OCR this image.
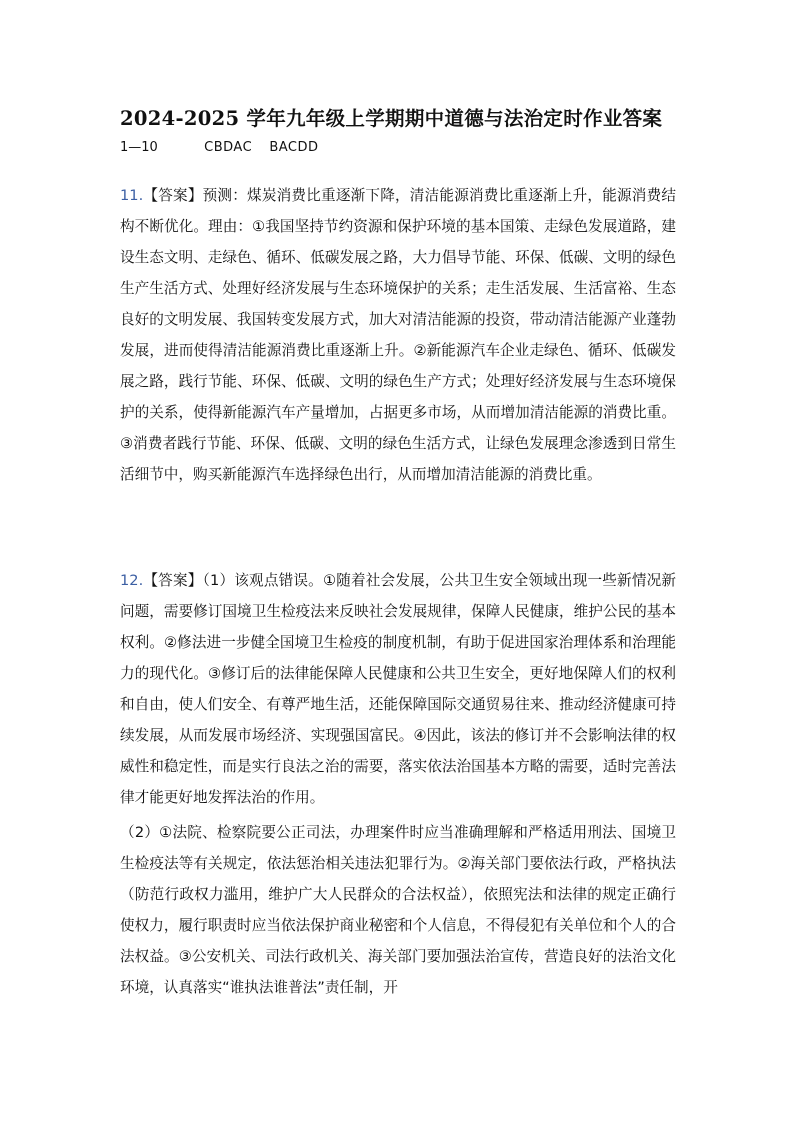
2024-2025 学年九年级上学期期中道德与法治定时作业答案
1—10	CBDAC BACDD

11.【答案】预测：煤炭消费比重逐渐下降，清洁能源消费比重逐渐上升，能源消费结构不断优化。理由：①我国坚持节约资源和保护环境的基本国策、走绿色发展道路，建设生态文明、走绿色、循环、低碳发展之路，大力倡导节能、环保、低碳、文明的绿色生产生活方式、处理好经济发展与生态环境保护的关系；走生活发展、生活富裕、生态良好的文明发展、我国转变发展方式，加大对清洁能源的投资，带动清洁能源产业蓬勃发展，进而使得清洁能源消费比重逐渐上升。②新能源汽车企业走绿色、循环、低碳发展之路，践行节能、环保、低碳、文明的绿色生产方式；处理好经济发展与生态环境保护的关系，使得新能源汽车产量增加，占据更多市场，从而增加清洁能源的消费比重。③消费者践行节能、环保、低碳、文明的绿色生活方式，让绿色发展理念渗透到日常生活细节中，购买新能源汽车选择绿色出行，从而增加清洁能源的消费比重。

12.【答案】（1）该观点错误。①随着社会发展，公共卫生安全领域出现一些新情况新问题，需要修订国境卫生检疫法来反映社会发展规律，保障人民健康，维护公民的基本权利。②修法进一步健全国境卫生检疫的制度机制，有助于促进国家治理体系和治理能力的现代化。③修订后的法律能保障人民健康和公共卫生安全，更好地保障人们的权利和自由，使人们安全、有尊严地生活，还能保障国际交通贸易往来、推动经济健康可持续发展，从而发展市场经济、实现强国富民。④因此，该法的修订并不会影响法律的权威性和稳定性，而是实行良法之治的需要，落实依法治国基本方略的需要，适时完善法律才能更好地发挥法治的作用。

（2）①法院、检察院要公正司法，办理案件时应当准确理解和严格适用刑法、国境卫生检疫法等有关规定，依法惩治相关违法犯罪行为。②海关部门要依法行政，严格执法（防范行政权力滥用，维护广大人民群众的合法权益），依照宪法和法律的规定正确行使权力，履行职责时应当依法保护商业秘密和个人信息，不得侵犯有关单位和个人的合法权益。③公安机关、司法行政机关、海关部门要加强法治宣传，营造良好的法治文化环境，认真落实“谁执法谁普法”责任制，开
